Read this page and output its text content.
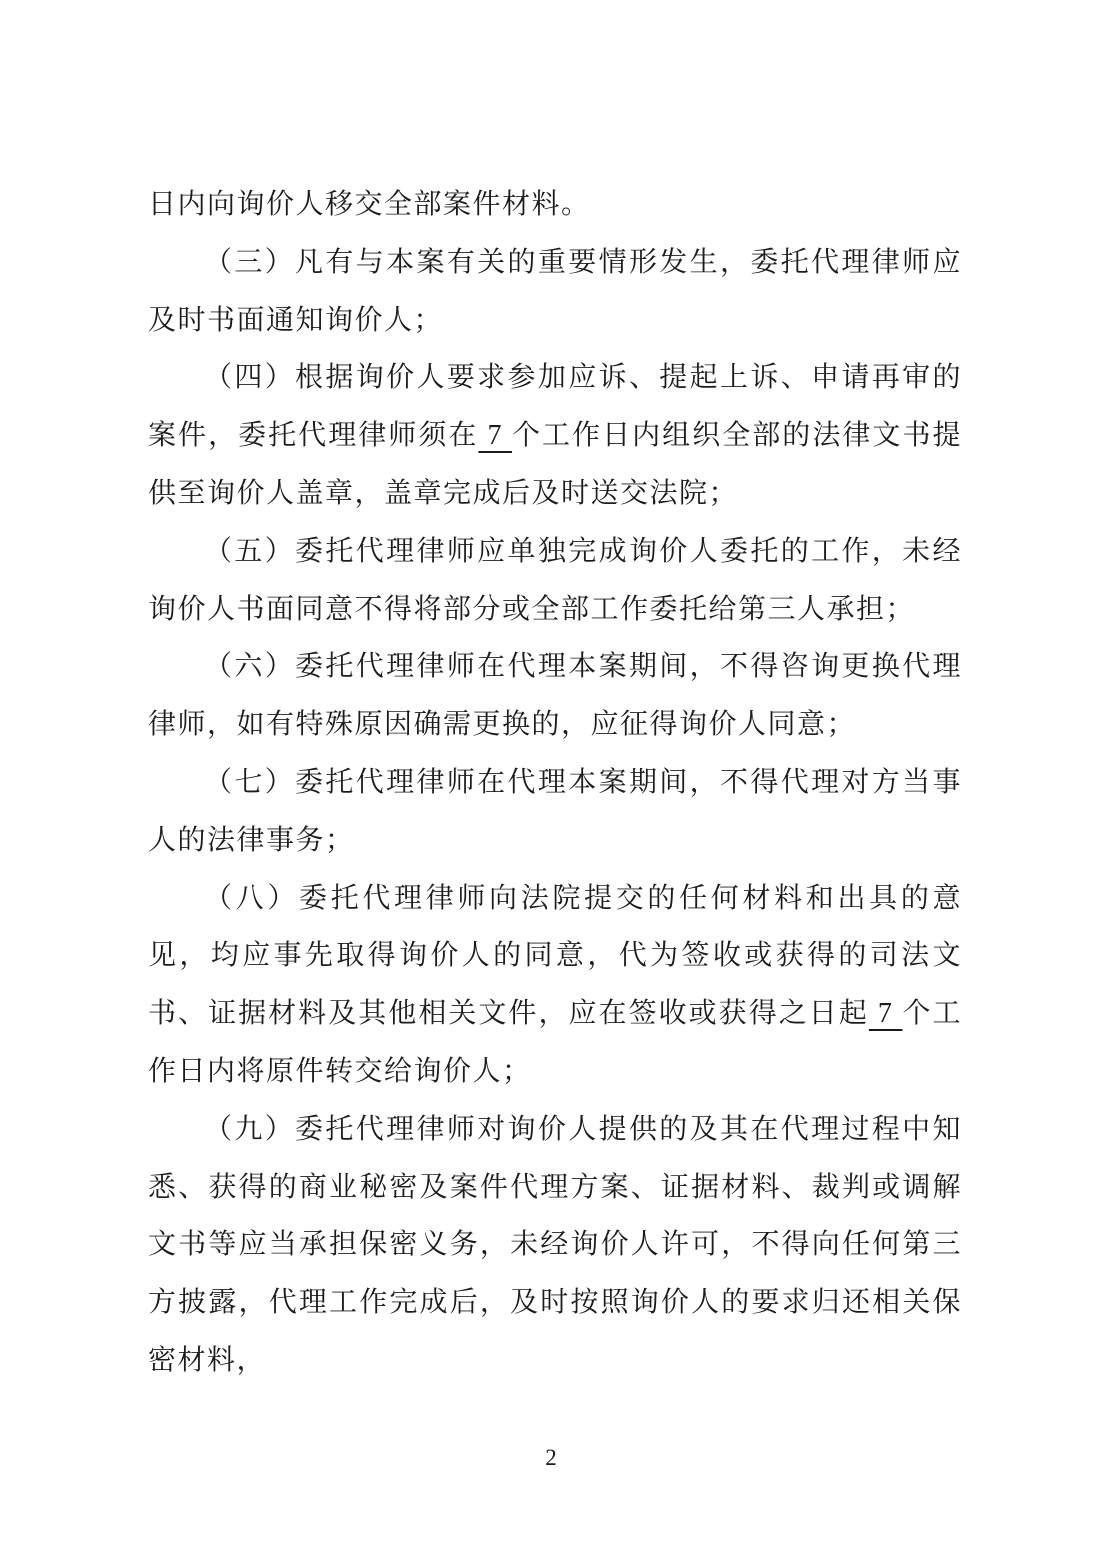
日内向询价人移交全部案件材料。

（三）凡有与本案有关的重要情形发生，委托代理律师应及时书面通知询价人；

（四）根据询价人要求参加应诉、提起上诉、申请再审的案件，委托代理律师须在 7 个工作日内组织全部的法律文书提供至询价人盖章，盖章完成后及时送交法院；

（五）委托代理律师应单独完成询价人委托的工作，未经询价人书面同意不得将部分或全部工作委托给第三人承担；

（六）委托代理律师在代理本案期间，不得咨询更换代理律师，如有特殊原因确需更换的，应征得询价人同意；

（七）委托代理律师在代理本案期间，不得代理对方当事人的法律事务；

（八）委托代理律师向法院提交的任何材料和出具的意见，均应事先取得询价人的同意，代为签收或获得的司法文书、证据材料及其他相关文件，应在签收或获得之日起 7 个工作日内将原件转交给询价人；

（九）委托代理律师对询价人提供的及其在代理过程中知悉、获得的商业秘密及案件代理方案、证据材料、裁判或调解文书等应当承担保密义务，未经询价人许可，不得向任何第三方披露，代理工作完成后，及时按照询价人的要求归还相关保密材料，

2
